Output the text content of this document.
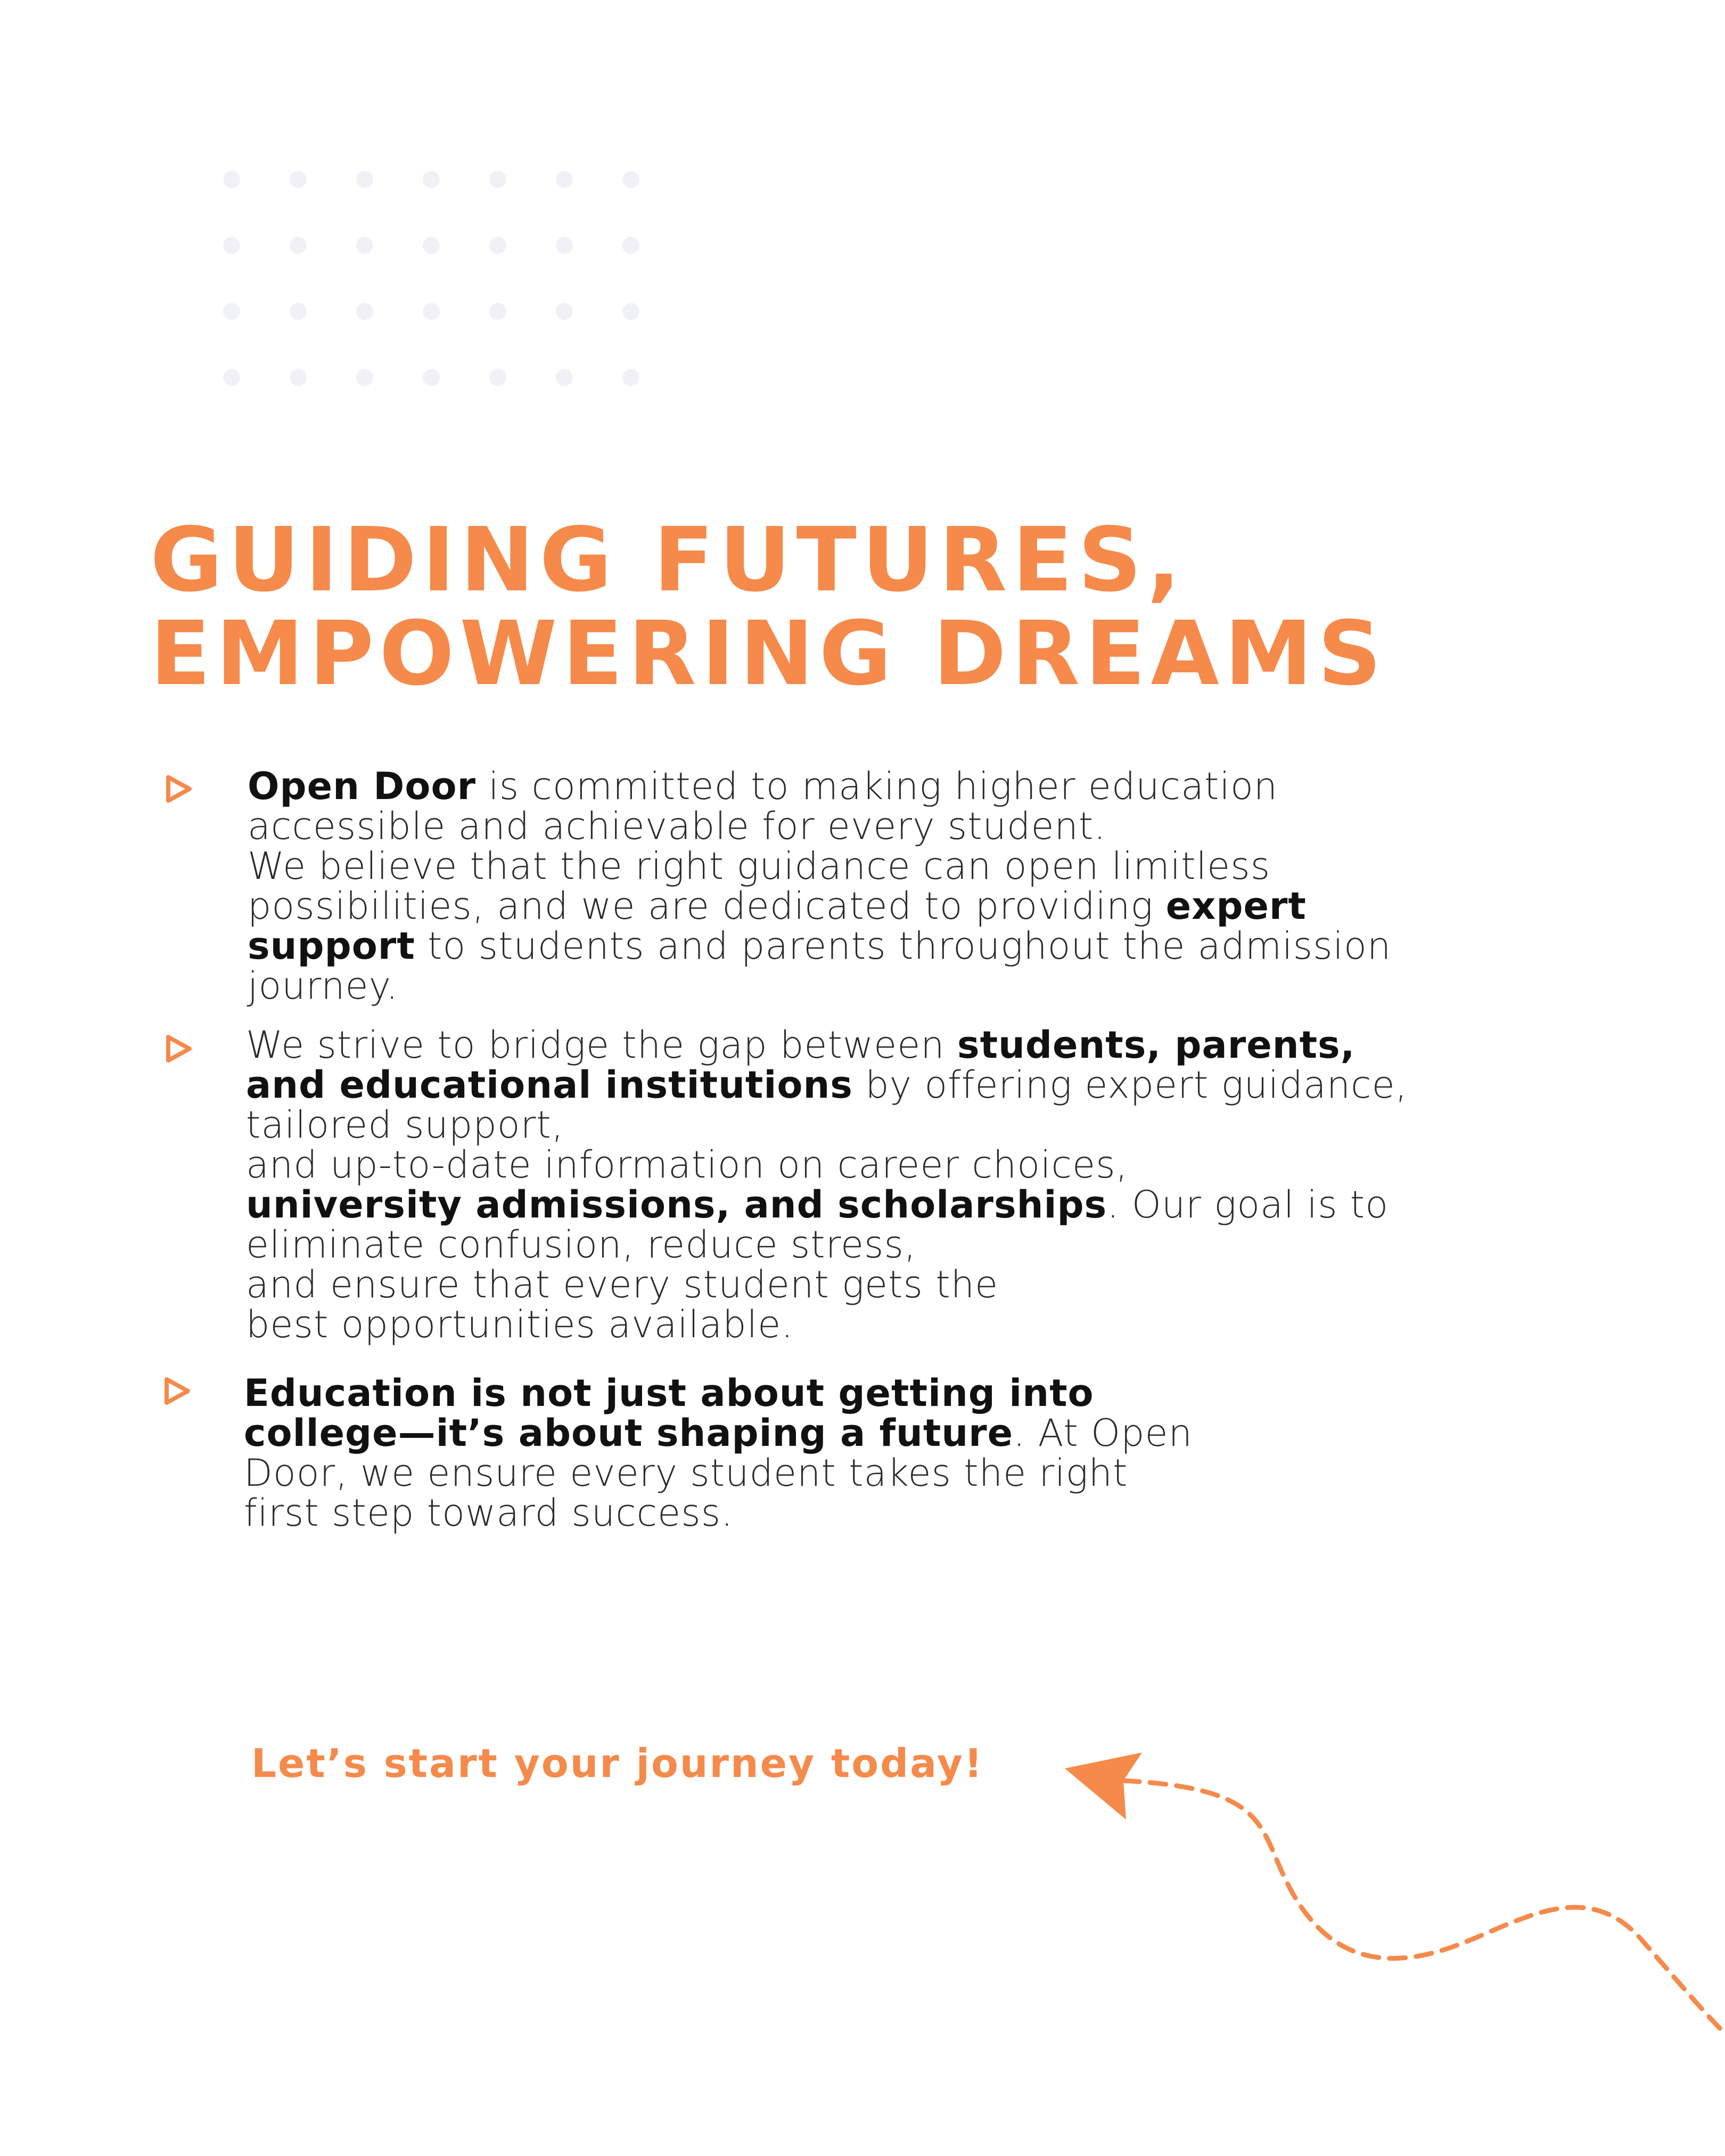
GUIDING FUTURES,
EMPOWERING DREAMS
Open Door is committed to making higher education
accessible and achievable for every student.
We believe that the right guidance can open limitless
possibilities, and we are dedicated to providing expert
support to students and parents throughout the admission
journey.
We strive to bridge the gap between students, parents,
and educational institutions by offering expert guidance,
tailored support,
and up-to-date information on career choices,
university admissions, and scholarships. Our goal is to
eliminate confusion, reduce stress,
and ensure that every student gets the
best opportunities available.
Education is not just about getting into
college—it’s about shaping a future. At Open
Door, we ensure every student takes the right
first step toward success.
Let’s start your journey today!
